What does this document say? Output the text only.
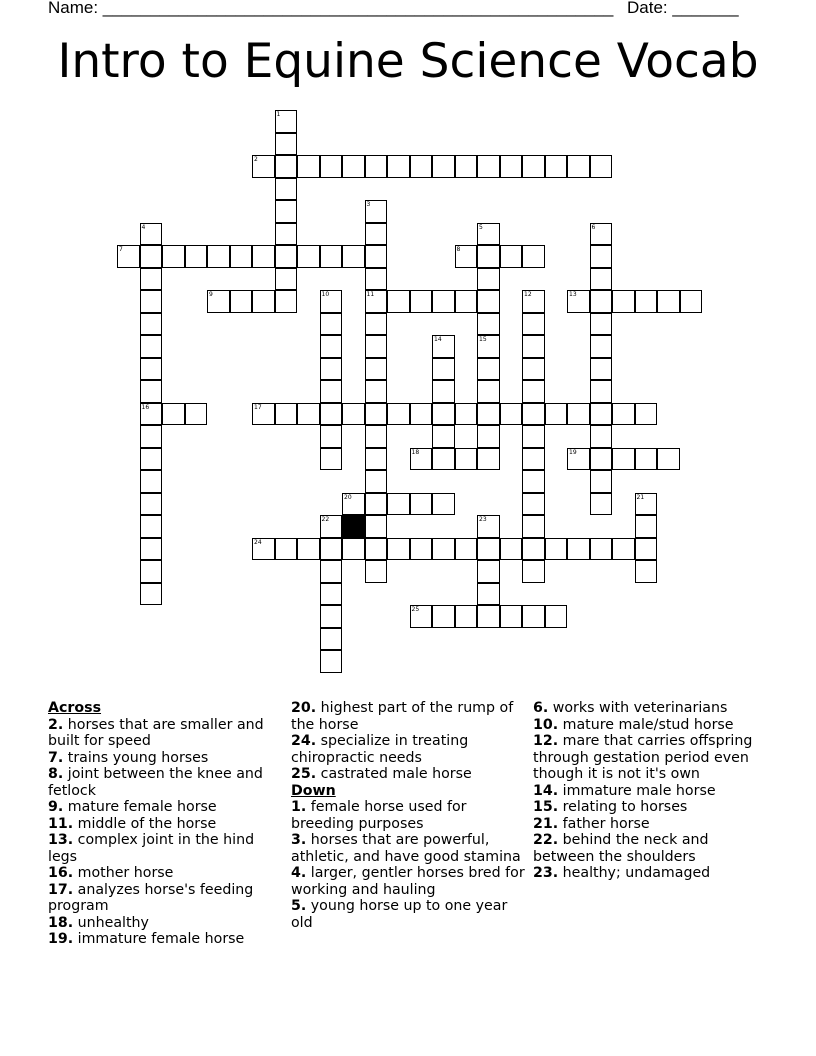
Name: ______________________________________________________ Date: _______
Intro to Equine Science Vocab
1
2
3
4	5	6
7	8
9	10	11	12	13
14	15
16	17
18	19
20	21
22	23
24
25
Across
2. horses that are smaller and built for speed
7. trains young horses
8. joint between the knee and fetlock
9. mature female horse
11. middle of the horse
13. complex joint in the hind legs
16. mother horse
17. analyzes horse's feeding program
18. unhealthy
19. immature female horse
20. highest part of the rump of the horse
24. specialize in treating chiropractic needs
25. castrated male horse
Down
1. female horse used for breeding purposes
3. horses that are powerful, athletic, and have good stamina
4. larger, gentler horses bred for working and hauling
5. young horse up to one year old
6. works with veterinarians
10. mature male/stud horse
12. mare that carries offspring through gestation period even though it is not it's own
14. immature male horse
15. relating to horses
21. father horse
22. behind the neck and between the shoulders
23. healthy; undamaged
